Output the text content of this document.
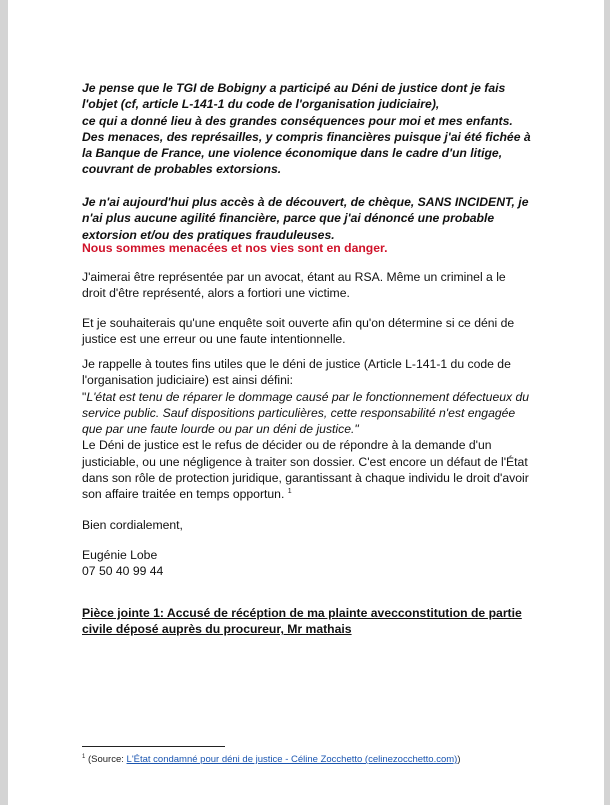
Je pense que le TGI de Bobigny a participé au Déni de justice dont je fais l'objet (cf, article L-141-1 du code de l'organisation judiciaire),
ce qui a donné lieu à des grandes conséquences pour moi et mes enfants. Des menaces, des représailles, y compris financières puisque j'ai été fichée à la Banque de France, une violence économique dans le cadre d'un litige, couvrant de probables extorsions.

Je n'ai aujourd'hui plus accès à de découvert, de chèque, SANS INCIDENT, je n'ai plus aucune agilité financière, parce que j'ai dénoncé une probable extorsion et/ou des pratiques frauduleuses.

Nous sommes menacées et nos vies sont en danger.

J'aimerai être représentée par un avocat, étant au RSA. Même un criminel a le droit d'être représenté, alors a fortiori une victime.

Et je souhaiterais qu'une enquête soit ouverte afin qu'on détermine si ce déni de justice est une erreur ou une faute intentionnelle.

Je rappelle à toutes fins utiles que le déni de justice (Article L-141-1 du code de l'organisation judiciaire) est ainsi défini:
"L'état est tenu de réparer le dommage causé par le fonctionnement défectueux du service public. Sauf dispositions particulières, cette responsabilité n'est engagée que par une faute lourde ou par un déni de justice."
Le Déni de justice est le refus de décider ou de répondre à la demande d'un justiciable, ou une négligence à traiter son dossier. C'est encore un défaut de l'État dans son rôle de protection juridique, garantissant à chaque individu le droit d'avoir son affaire traitée en temps opportun. $^1$

Bien cordialement,

Eugénie Lobe
07 50 40 99 44

Pièce jointe 1: Accusé de récéption de ma plainte avecconstitution de partie civile déposé auprès du procureur, Mr mathais

$^1$ (Source: L'État condamné pour déni de justice - Céline Zocchetto (celinezocchetto.com))
